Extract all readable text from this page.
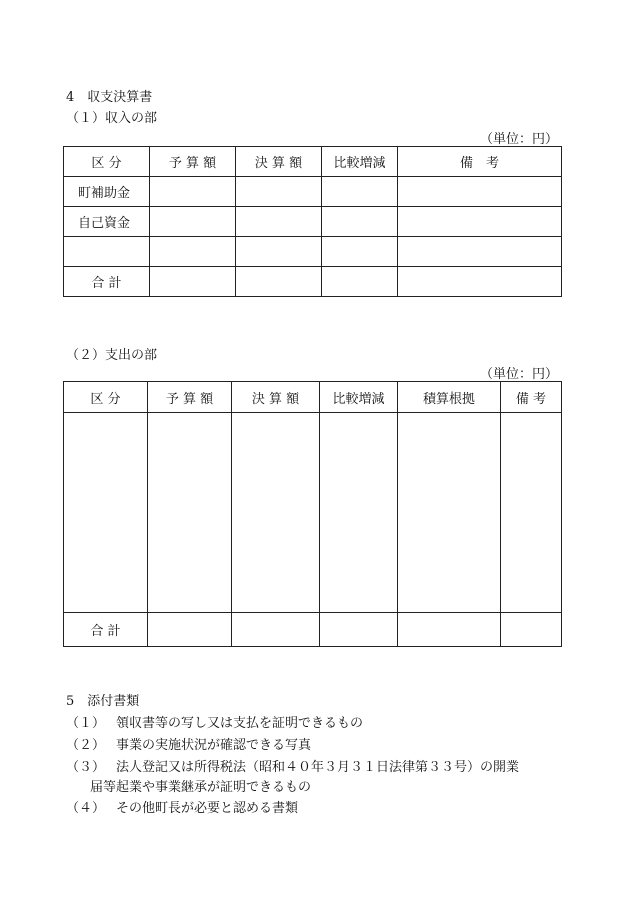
4　収支決算書
（１）収入の部
（単位：円）
区 分	予 算 額	決 算 額	比較増減	備　考
町補助金				
自己資金				

合 計				
（２）支出の部
（単位：円）
区 分	予 算 額	決 算 額	比較増減	積算根拠	備 考

合 計					
5　添付書類
（１） 領収書等の写し又は支払を証明できるもの
（２） 事業の実施状況が確認できる写真
（３） 法人登記又は所得税法（昭和４０年３月３１日法律第３３号）の開業
届等起業や事業継承が証明できるもの
（４） その他町長が必要と認める書類
